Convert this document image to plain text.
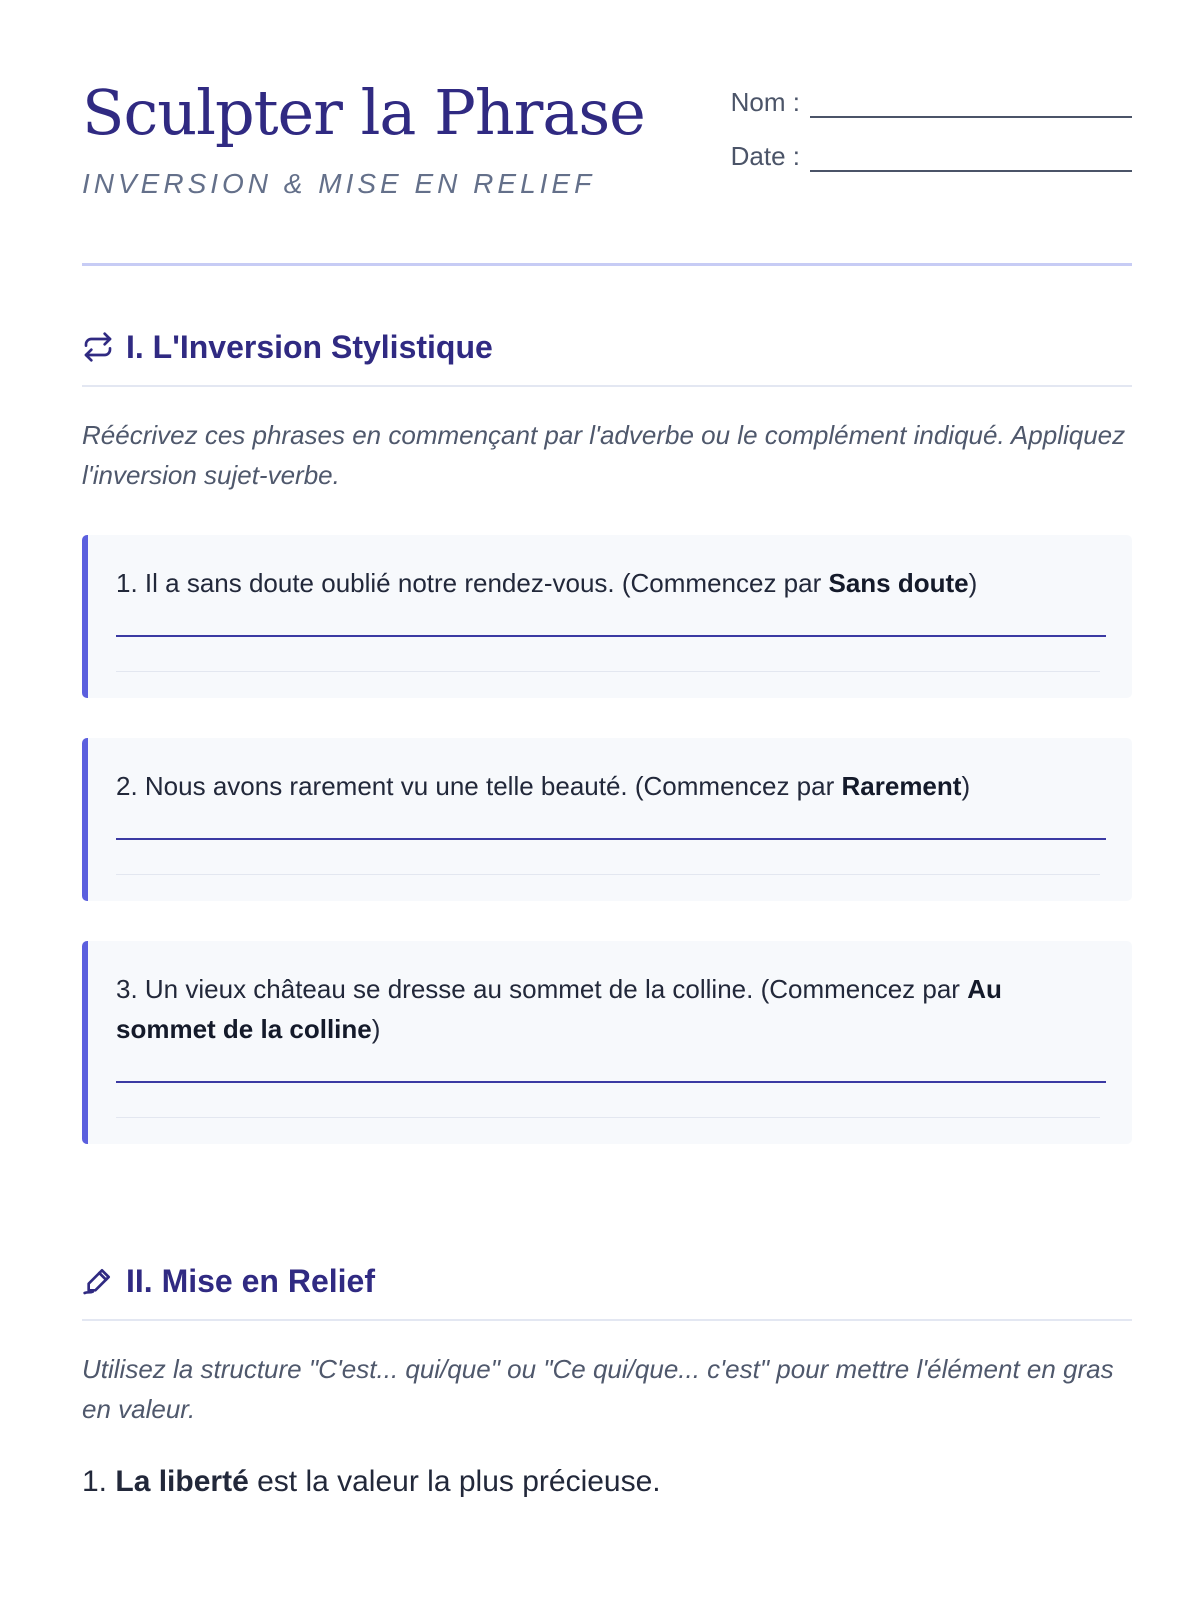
Sculpter la Phrase
INVERSION & MISE EN RELIEF
Nom :
Date :
I. L'Inversion Stylistique

Réécrivez ces phrases en commençant par l'adverbe ou le complément indiqué. Appliquez l'inversion sujet-verbe.

1. Il a sans doute oublié notre rendez-vous. (Commencez par Sans doute)

2. Nous avons rarement vu une telle beauté. (Commencez par Rarement)

3. Un vieux château se dresse au sommet de la colline. (Commencez par Au sommet de la colline)

II. Mise en Relief

Utilisez la structure "C'est... qui/que" ou "Ce qui/que... c'est" pour mettre l'élément en gras en valeur.

1. La liberté est la valeur la plus précieuse.
